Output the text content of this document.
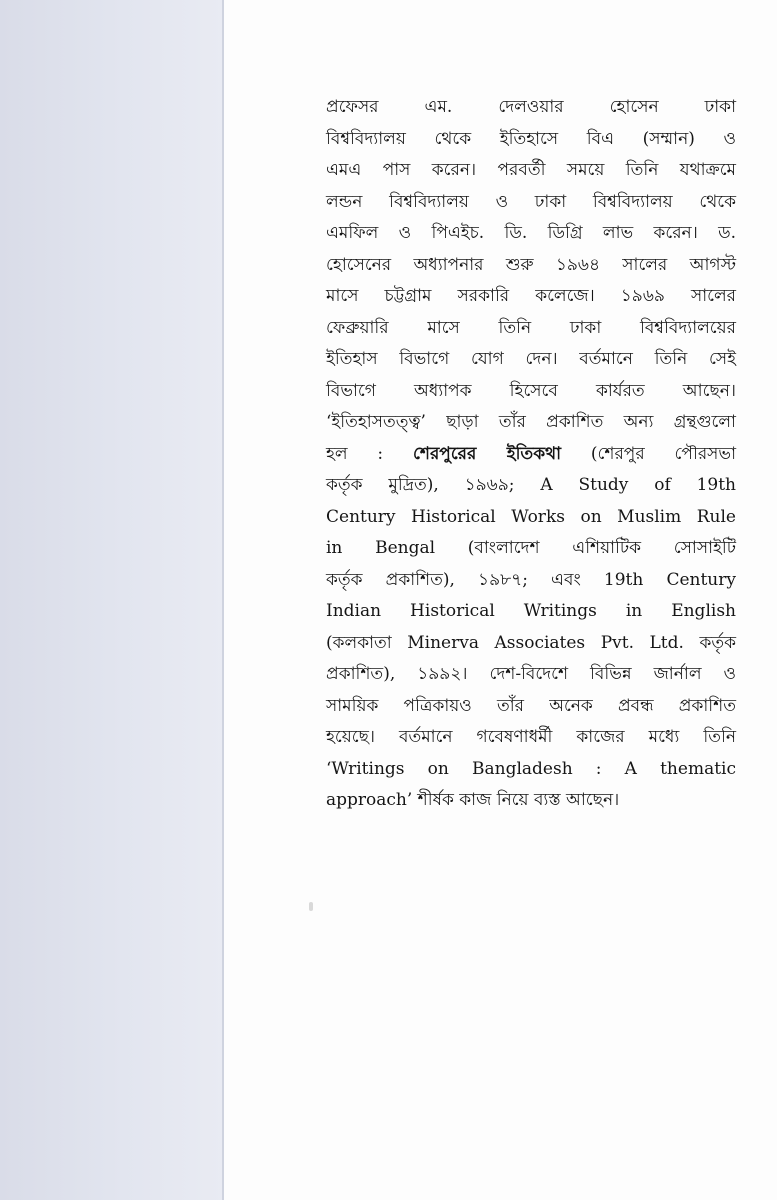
প্রফেসর এম. দেলওয়ার হোসেন ঢাকা
বিশ্ববিদ্যালয় থেকে ইতিহাসে বিএ (সম্মান) ও
এমএ পাস করেন। পরবর্তী সময়ে তিনি যথাক্রমে
লন্ডন বিশ্ববিদ্যালয় ও ঢাকা বিশ্ববিদ্যালয় থেকে
এমফিল ও পিএইচ. ডি. ডিগ্রি লাভ করেন। ড.
হোসেনের অধ্যাপনার শুরু ১৯৬৪ সালের আগস্ট
মাসে চট্টগ্রাম সরকারি কলেজে। ১৯৬৯ সালের
ফেব্রুয়ারি মাসে তিনি ঢাকা বিশ্ববিদ্যালয়ের
ইতিহাস বিভাগে যোগ দেন। বর্তমানে তিনি সেই
বিভাগে অধ্যাপক হিসেবে কার্যরত আছেন।
‘ইতিহাসতত্ত্ব’ ছাড়া তাঁর প্রকাশিত অন্য গ্রন্থগুলো
হল : শেরপুরের ইতিকথা (শেরপুর পৌরসভা
কর্তৃক মুদ্রিত), ১৯৬৯; A Study of 19th
Century Historical Works on Muslim Rule
in Bengal (বাংলাদেশ এশিয়াটিক সোসাইটি
কর্তৃক প্রকাশিত), ১৯৮৭; এবং 19th Century
Indian Historical Writings in English
(কলকাতা Minerva Associates Pvt. Ltd. কর্তৃক
প্রকাশিত), ১৯৯২। দেশ-বিদেশে বিভিন্ন জার্নাল ও
সাময়িক পত্রিকায়ও তাঁর অনেক প্রবন্ধ প্রকাশিত
হয়েছে। বর্তমানে গবেষণাধর্মী কাজের মধ্যে তিনি
‘Writings on Bangladesh : A thematic
approach’ শীর্ষক কাজ নিয়ে ব্যস্ত আছেন।
